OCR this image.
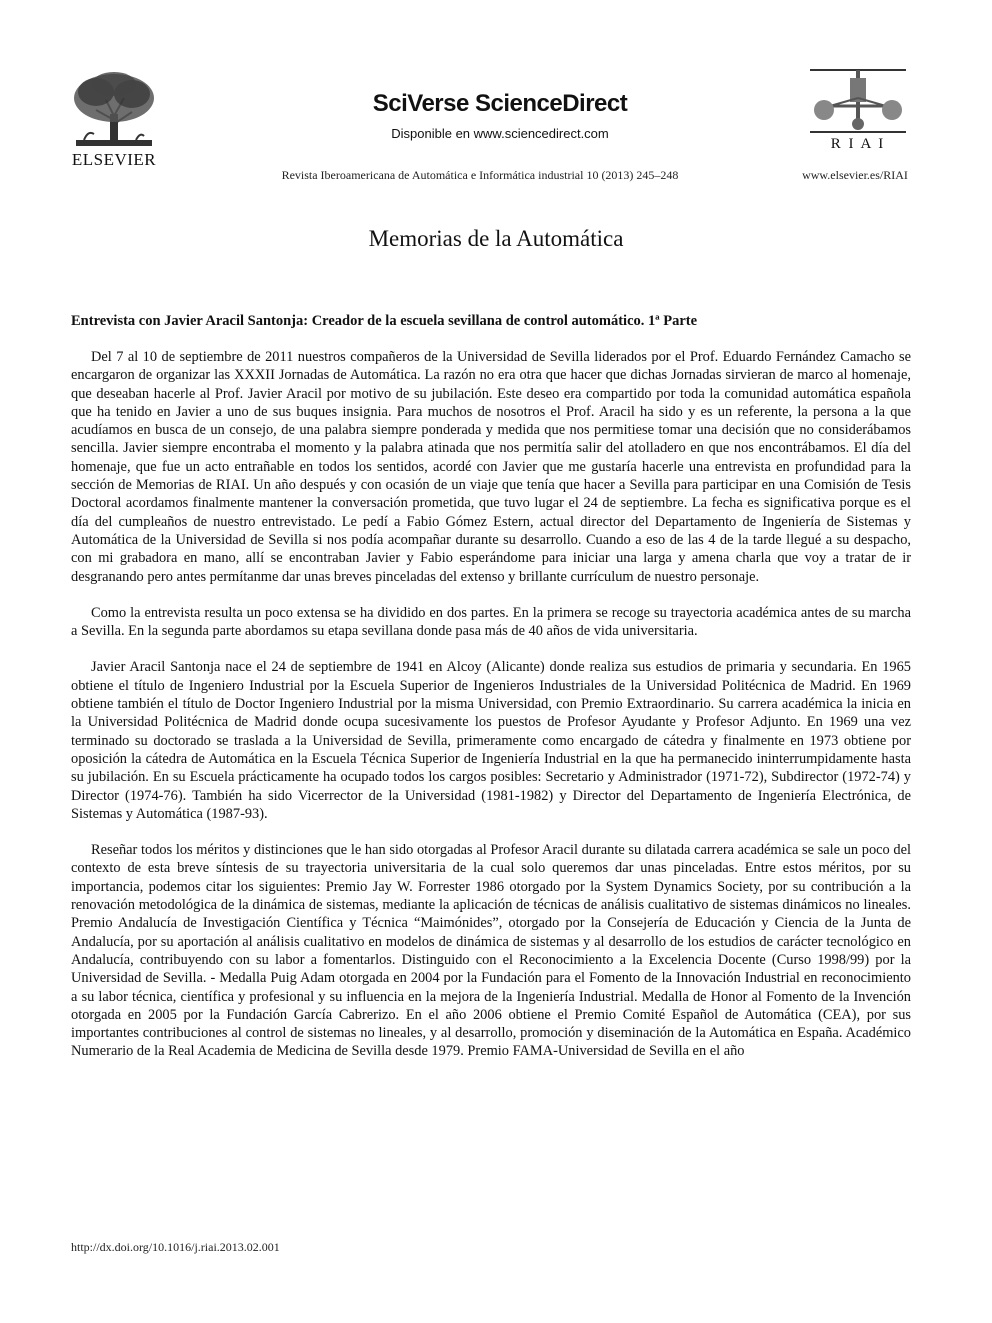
ELSEVIER
SciVerse ScienceDirect
Disponible en www.sciencedirect.com
Revista Iberoamericana de Automática e Informática industrial 10 (2013) 245–248
R I A I
www.elsevier.es/RIAI
Memorias de la Automática
Entrevista con Javier Aracil Santonja: Creador de la escuela sevillana de control automático. 1ª Parte

Del 7 al 10 de septiembre de 2011 nuestros compañeros de la Universidad de Sevilla liderados por el Prof. Eduardo Fernández Camacho se encargaron de organizar las XXXII Jornadas de Automática. La razón no era otra que hacer que dichas Jornadas sirvieran de marco al homenaje, que deseaban hacerle al Prof. Javier Aracil por motivo de su jubilación. Este deseo era compartido por toda la comunidad automática española que ha tenido en Javier a uno de sus buques insignia. Para muchos de nosotros el Prof. Aracil ha sido y es un referente, la persona a la que acudíamos en busca de un consejo, de una palabra siempre ponderada y medida que nos permitiese tomar una decisión que no considerábamos sencilla. Javier siempre encontraba el momento y la palabra atinada que nos permitía salir del atolladero en que nos encontrábamos. El día del homenaje, que fue un acto entrañable en todos los sentidos, acordé con Javier que me gustaría hacerle una entrevista en profundidad para la sección de Memorias de RIAI. Un año después y con ocasión de un viaje que tenía que hacer a Sevilla para participar en una Comisión de Tesis Doctoral acordamos finalmente mantener la conversación prometida, que tuvo lugar el 24 de septiembre. La fecha es significativa porque es el día del cumpleaños de nuestro entrevistado. Le pedí a Fabio Gómez Estern, actual director del Departamento de Ingeniería de Sistemas y Automática de la Universidad de Sevilla si nos podía acompañar durante su desarrollo. Cuando a eso de las 4 de la tarde llegué a su despacho, con mi grabadora en mano, allí se encontraban Javier y Fabio esperándome para iniciar una larga y amena charla que voy a tratar de ir desgranando pero antes permítanme dar unas breves pinceladas del extenso y brillante currículum de nuestro personaje.

Como la entrevista resulta un poco extensa se ha dividido en dos partes. En la primera se recoge su trayectoria académica antes de su marcha a Sevilla. En la segunda parte abordamos su etapa sevillana donde pasa más de 40 años de vida universitaria.

Javier Aracil Santonja nace el 24 de septiembre de 1941 en Alcoy (Alicante) donde realiza sus estudios de primaria y secundaria. En 1965 obtiene el título de Ingeniero Industrial por la Escuela Superior de Ingenieros Industriales de la Universidad Politécnica de Madrid. En 1969 obtiene también el título de Doctor Ingeniero Industrial por la misma Universidad, con Premio Extraordinario. Su carrera académica la inicia en la Universidad Politécnica de Madrid donde ocupa sucesivamente los puestos de Profesor Ayudante y Profesor Adjunto. En 1969 una vez terminado su doctorado se traslada a la Universidad de Sevilla, primeramente como encargado de cátedra y finalmente en 1973 obtiene por oposición la cátedra de Automática en la Escuela Técnica Superior de Ingeniería Industrial en la que ha permanecido ininterrumpidamente hasta su jubilación. En su Escuela prácticamente ha ocupado todos los cargos posibles: Secretario y Administrador (1971-72), Subdirector (1972-74) y Director (1974-76). También ha sido Vicerrector de la Universidad (1981-1982) y Director del Departamento de Ingeniería Electrónica, de Sistemas y Automática (1987-93).

Reseñar todos los méritos y distinciones que le han sido otorgadas al Profesor Aracil durante su dilatada carrera académica se sale un poco del contexto de esta breve síntesis de su trayectoria universitaria de la cual solo queremos dar unas pinceladas. Entre estos méritos, por su importancia, podemos citar los siguientes: Premio Jay W. Forrester 1986 otorgado por la System Dynamics Society, por su contribución a la renovación metodológica de la dinámica de sistemas, mediante la aplicación de técnicas de análisis cualitativo de sistemas dinámicos no lineales. Premio Andalucía de Investigación Científica y Técnica “Maimónides”, otorgado por la Consejería de Educación y Ciencia de la Junta de Andalucía, por su aportación al análisis cualitativo en modelos de dinámica de sistemas y al desarrollo de los estudios de carácter tecnológico en Andalucía, contribuyendo con su labor a fomentarlos. Distinguido con el Reconocimiento a la Excelencia Docente (Curso 1998/99) por la Universidad de Sevilla. - Medalla Puig Adam otorgada en 2004 por la Fundación para el Fomento de la Innovación Industrial en reconocimiento a su labor técnica, científica y profesional y su influencia en la mejora de la Ingeniería Industrial. Medalla de Honor al Fomento de la Invención otorgada en 2005 por la Fundación García Cabrerizo. En el año 2006 obtiene el Premio Comité Español de Automática (CEA), por sus importantes contribuciones al control de sistemas no lineales, y al desarrollo, promoción y diseminación de la Automática en España. Académico Numerario de la Real Academia de Medicina de Sevilla desde 1979. Premio FAMA-Universidad de Sevilla en el año

http://dx.doi.org/10.1016/j.riai.2013.02.001
